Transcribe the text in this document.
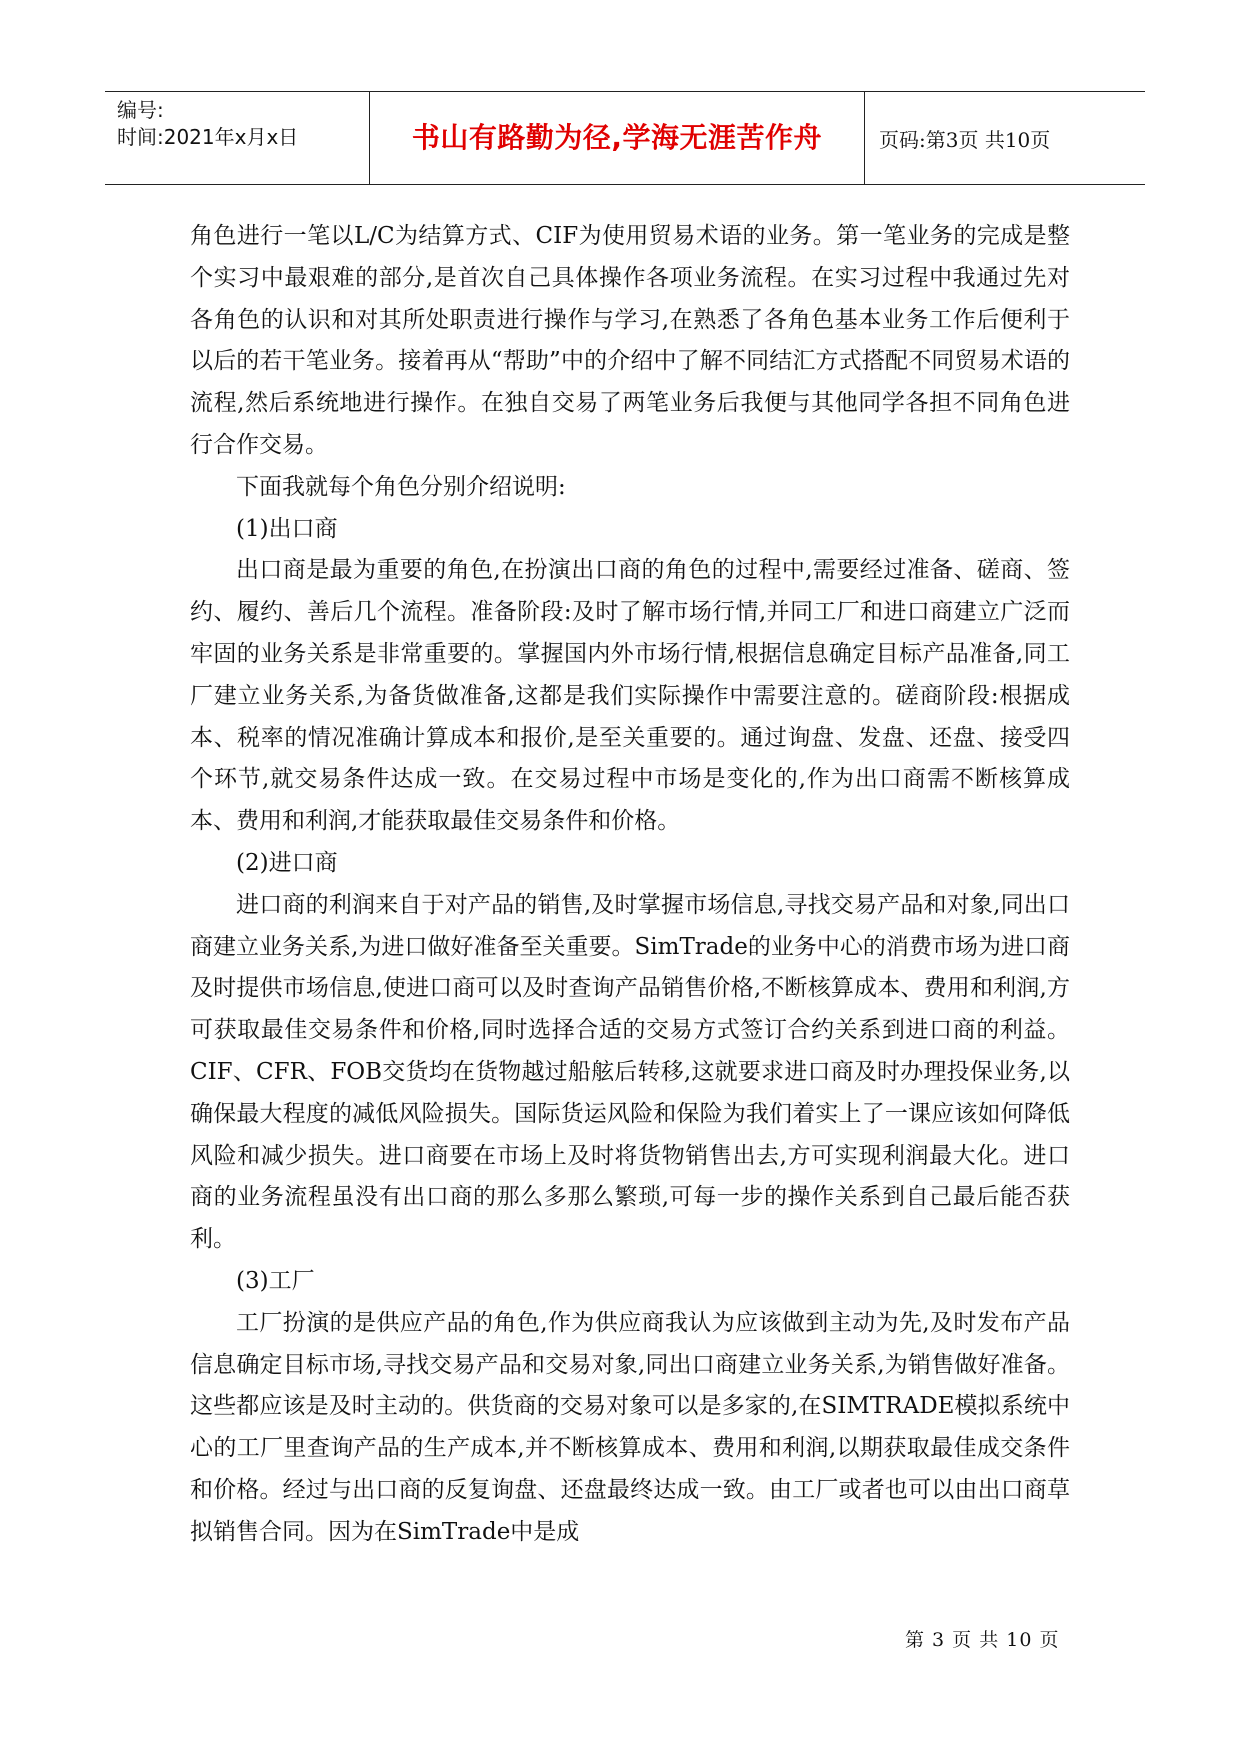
编号:
时间:2021年x月x日	书山有路勤为径,学海无涯苦作舟	页码:第3页 共10页

角色进行一笔以L/C为结算方式、CIF为使用贸易术语的业务。第一笔业务的完成是整个实习中最艰难的部分,是首次自己具体操作各项业务流程。在实习过程中我通过先对各角色的认识和对其所处职责进行操作与学习,在熟悉了各角色基本业务工作后便利于以后的若干笔业务。接着再从“帮助”中的介绍中了解不同结汇方式搭配不同贸易术语的流程,然后系统地进行操作。在独自交易了两笔业务后我便与其他同学各担不同角色进行合作交易。

下面我就每个角色分别介绍说明:

(1)出口商

出口商是最为重要的角色,在扮演出口商的角色的过程中,需要经过准备、磋商、签约、履约、善后几个流程。准备阶段:及时了解市场行情,并同工厂和进口商建立广泛而牢固的业务关系是非常重要的。掌握国内外市场行情,根据信息确定目标产品准备,同工厂建立业务关系,为备货做准备,这都是我们实际操作中需要注意的。磋商阶段:根据成本、税率的情况准确计算成本和报价,是至关重要的。通过询盘、发盘、还盘、接受四个环节,就交易条件达成一致。在交易过程中市场是变化的,作为出口商需不断核算成本、费用和利润,才能获取最佳交易条件和价格。

(2)进口商

进口商的利润来自于对产品的销售,及时掌握市场信息,寻找交易产品和对象,同出口商建立业务关系,为进口做好准备至关重要。SimTrade的业务中心的消费市场为进口商及时提供市场信息,使进口商可以及时查询产品销售价格,不断核算成本、费用和利润,方可获取最佳交易条件和价格,同时选择合适的交易方式签订合约关系到进口商的利益。CIF、CFR、FOB交货均在货物越过船舷后转移,这就要求进口商及时办理投保业务,以确保最大程度的减低风险损失。国际货运风险和保险为我们着实上了一课应该如何降低风险和减少损失。进口商要在市场上及时将货物销售出去,方可实现利润最大化。进口商的业务流程虽没有出口商的那么多那么繁琐,可每一步的操作关系到自己最后能否获利。

(3)工厂

工厂扮演的是供应产品的角色,作为供应商我认为应该做到主动为先,及时发布产品信息确定目标市场,寻找交易产品和交易对象,同出口商建立业务关系,为销售做好准备。这些都应该是及时主动的。供货商的交易对象可以是多家的,在SIMTRADE模拟系统中心的工厂里查询产品的生产成本,并不断核算成本、费用和利润,以期获取最佳成交条件和价格。经过与出口商的反复询盘、还盘最终达成一致。由工厂或者也可以由出口商草拟销售合同。因为在SimTrade中是成

第 3 页 共 10 页
